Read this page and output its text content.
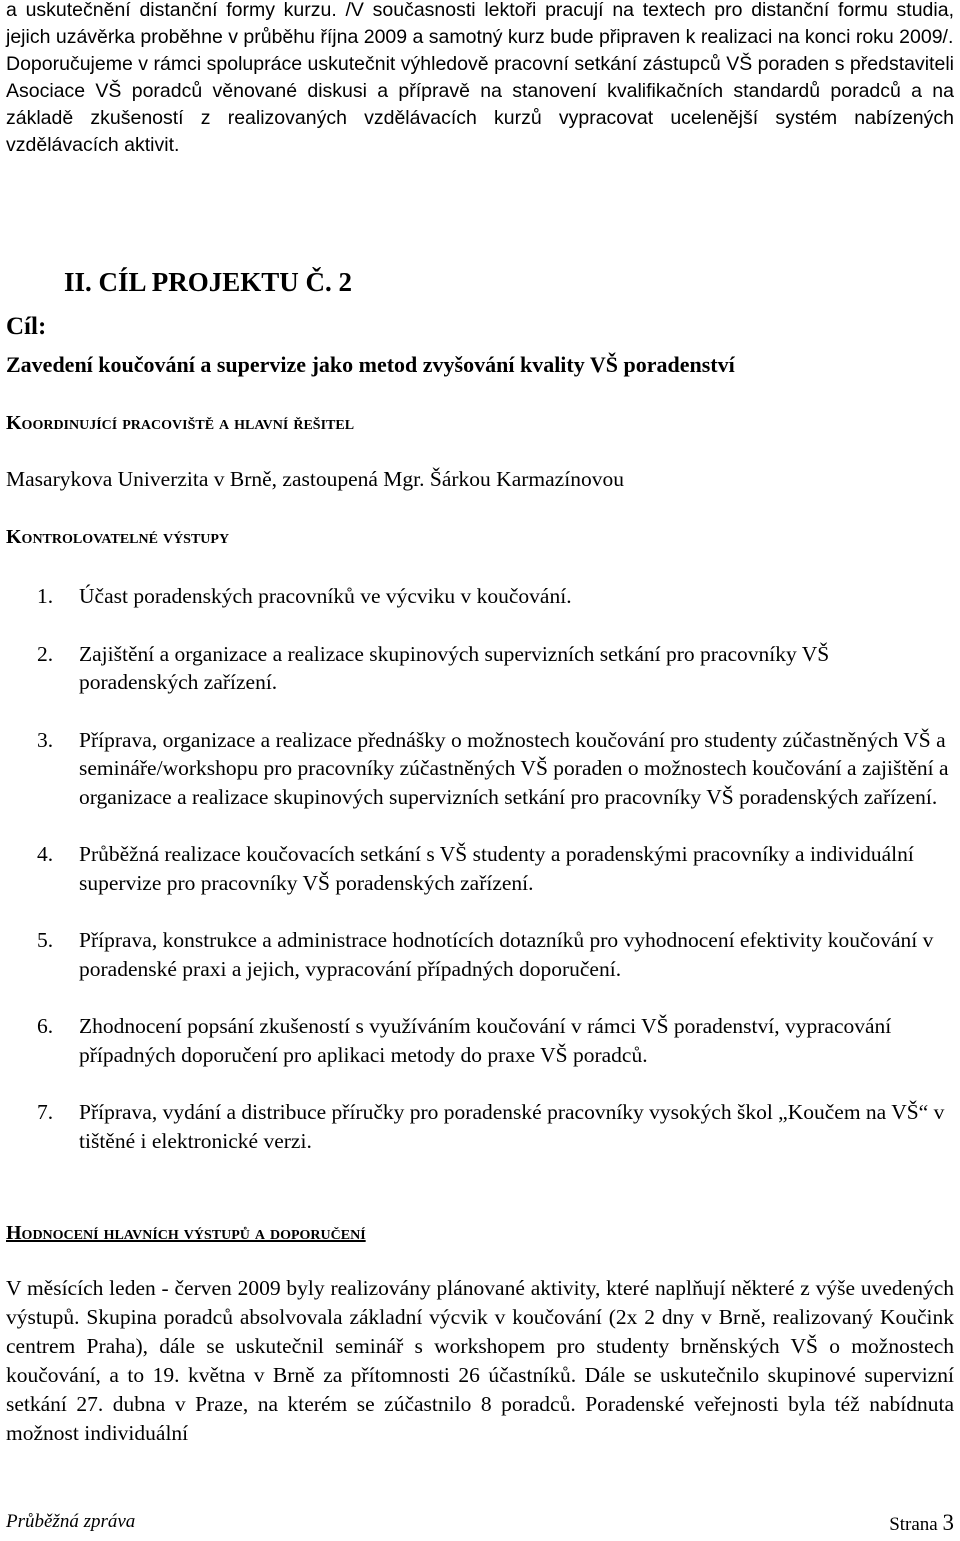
a uskutečnění distanční formy kurzu. /V současnosti lektoři pracují na textech pro distanční formu studia, jejich uzávěrka proběhne v průběhu října 2009 a samotný kurz bude připraven k realizaci na konci roku 2009/.
Doporučujeme v rámci spolupráce uskutečnit výhledově pracovní setkání zástupců VŠ poraden s představiteli Asociace VŠ poradců věnované diskusi a přípravě na stanovení kvalifikačních standardů poradců a na základě zkušeností z realizovaných vzdělávacích kurzů vypracovat ucelenější systém nabízených vzdělávacích aktivit.
II. CÍL PROJEKTU Č. 2
Cíl:
Zavedení koučování a supervize jako metod zvyšování kvality VŠ poradenství
Koordinující pracoviště a hlavní řešitel
Masarykova Univerzita v Brně, zastoupená Mgr. Šárkou Karmazínovou
Kontrolovatelné výstupy
1. Účast poradenských pracovníků ve výcviku v koučování.
2. Zajištění a organizace a realizace skupinových supervizních setkání pro pracovníky VŠ poradenských zařízení.
3. Příprava, organizace a realizace přednášky o možnostech koučování pro studenty zúčastněných VŠ a semináře/workshopu pro pracovníky zúčastněných VŠ poraden o možnostech koučování a zajištění a organizace a realizace skupinových supervizních setkání pro pracovníky VŠ poradenských zařízení.
4. Průběžná realizace koučovacích setkání s VŠ studenty a poradenskými pracovníky a individuální supervize pro pracovníky VŠ poradenských zařízení.
5. Příprava, konstrukce a administrace hodnotících dotazníků pro vyhodnocení efektivity koučování v poradenské praxi a jejich, vypracování případných doporučení.
6. Zhodnocení popsání zkušeností s využíváním koučování v rámci VŠ poradenství, vypracování případných doporučení pro aplikaci metody do praxe VŠ poradců.
7. Příprava, vydání a distribuce příručky pro poradenské pracovníky vysokých škol „Koučem na VŠ“ v tištěné i elektronické verzi.
Hodnocení hlavních výstupů a doporučení
V měsících leden - červen 2009 byly realizovány plánované aktivity, které naplňují některé z výše uvedených výstupů. Skupina poradců absolvovala základní výcvik v koučování (2x 2 dny v Brně, realizovaný Koučink centrem Praha), dále se uskutečnil seminář s workshopem pro studenty brněnských VŠ o možnostech koučování, a to 19. května v Brně za přítomnosti 26 účastníků. Dále se uskutečnilo skupinové supervizní setkání 27. dubna v Praze, na kterém se zúčastnilo 8 poradců. Poradenské veřejnosti byla též nabídnuta možnost individuální
Průběžná zpráva	Strana 3
